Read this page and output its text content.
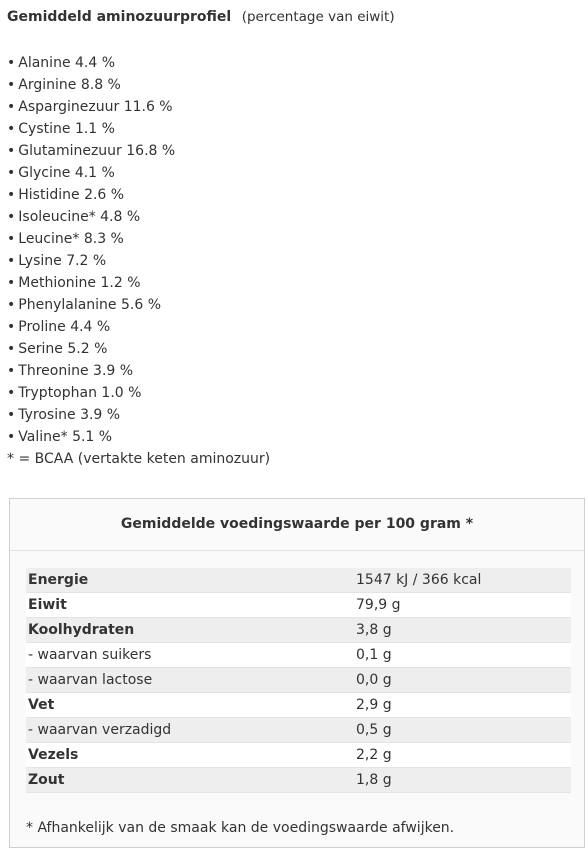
Gemiddeld aminozuurprofiel (percentage van eiwit)
• Alanine 4.4 %
• Arginine 8.8 %
• Asparginezuur 11.6 %
• Cystine 1.1 %
• Glutaminezuur 16.8 %
• Glycine 4.1 %
• Histidine 2.6 %
• Isoleucine* 4.8 %
• Leucine* 8.3 %
• Lysine 7.2 %
• Methionine 1.2 %
• Phenylalanine 5.6 %
• Proline 4.4 %
• Serine 5.2 %
• Threonine 3.9 %
• Tryptophan 1.0 %
• Tyrosine 3.9 %
• Valine* 5.1 %
* = BCAA (vertakte keten aminozuur)
Gemiddelde voedingswaarde per 100 gram *
Energie	1547 kJ / 366 kcal
Eiwit	79,9 g
Koolhydraten	3,8 g
- waarvan suikers	0,1 g
- waarvan lactose	0,0 g
Vet	2,9 g
- waarvan verzadigd	0,5 g
Vezels	2,2 g
Zout	1,8 g
* Afhankelijk van de smaak kan de voedingswaarde afwijken.
